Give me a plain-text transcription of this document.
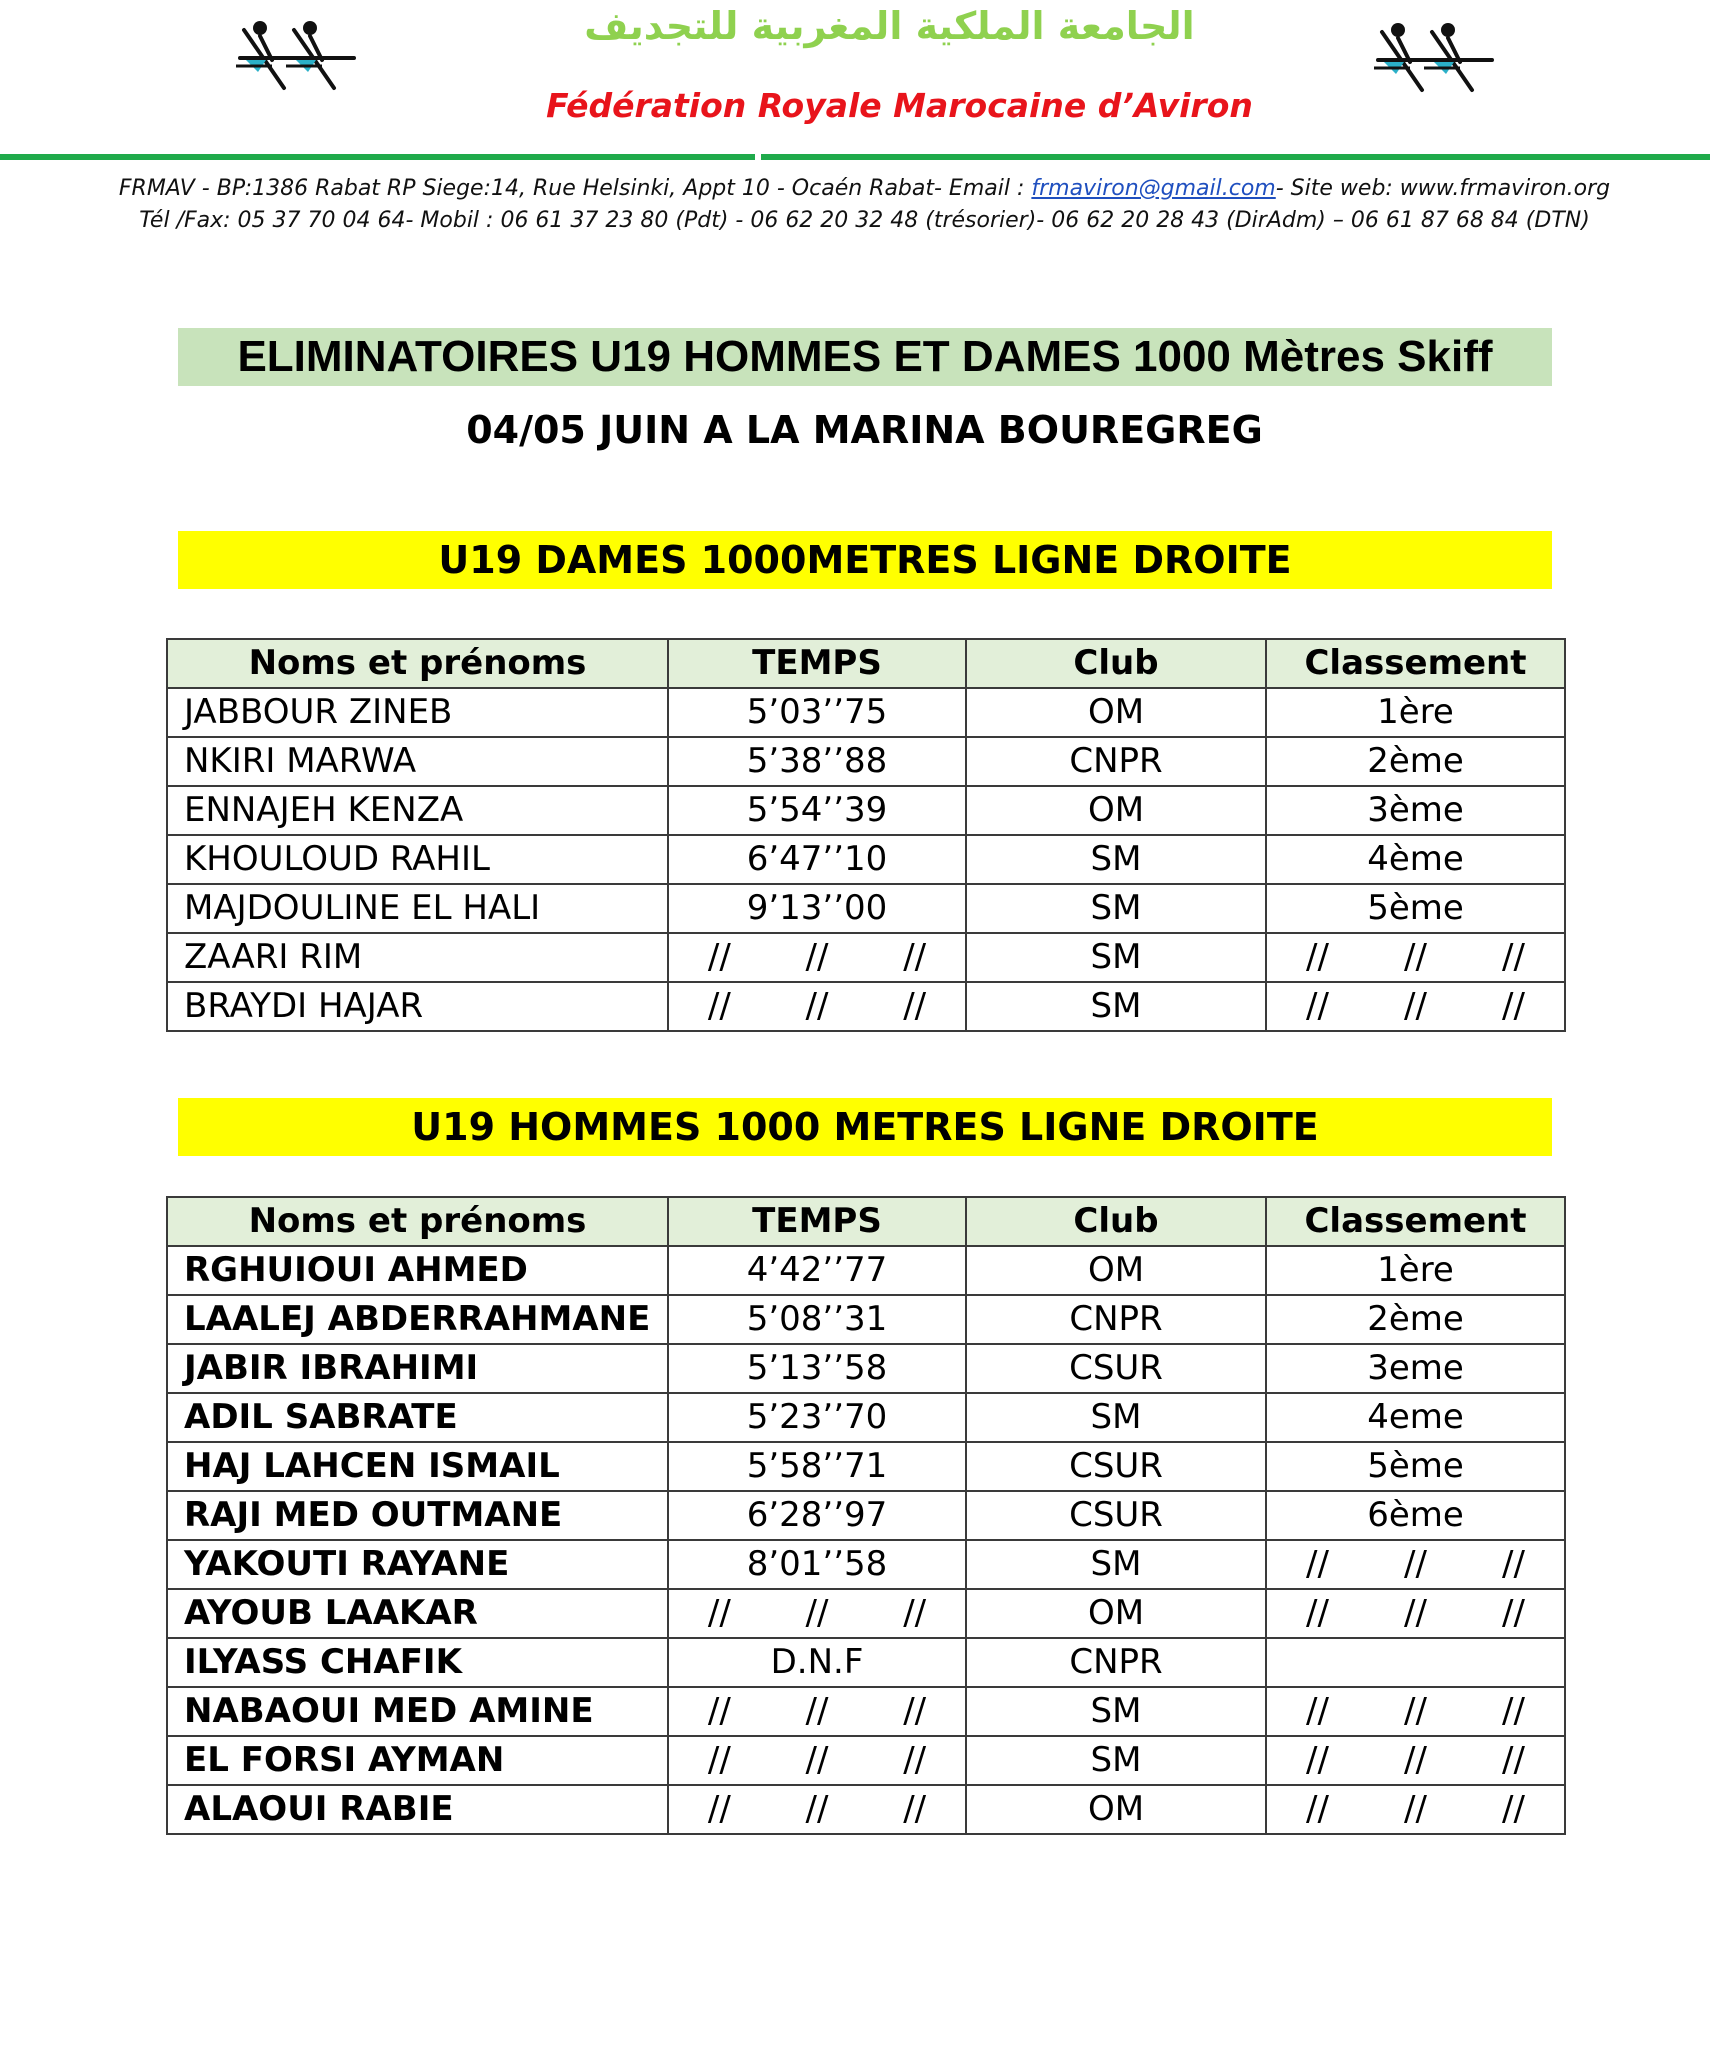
الجامعة الملكية المغربية للتجديف
Fédération Royale Marocaine d’Aviron
FRMAV - BP:1386 Rabat RP Siege:14, Rue Helsinki, Appt 10 - Ocaén Rabat- Email : frmaviron@gmail.com- Site web: www.frmaviron.org
Tél /Fax: 05 37 70 04 64- Mobil : 06 61 37 23 80 (Pdt) - 06 62 20 32 48 (trésorier)- 06 62 20 28 43 (DirAdm) – 06 61 87 68 84 (DTN)
ELIMINATOIRES U19 HOMMES ET DAMES 1000 Mètres Skiff
04/05 JUIN A LA MARINA BOUREGREG
U19 DAMES 1000METRES LIGNE DROITE
Noms et prénoms	TEMPS	Club	Classement
JABBOUR ZINEB	5’03’’75	OM	1ère
NKIRI MARWA	5’38’’88	CNPR	2ème
ENNAJEH KENZA	5’54’’39	OM	3ème
KHOULOUD RAHIL	6’47’’10	SM	4ème
MAJDOULINE EL HALI	9’13’’00	SM	5ème
ZAARI RIM	// // //	SM	// // //
BRAYDI HAJAR	// // //	SM	// // //
U19 HOMMES 1000 METRES LIGNE DROITE
Noms et prénoms	TEMPS	Club	Classement
RGHUIOUI AHMED	4’42’’77	OM	1ère
LAALEJ ABDERRAHMANE	5’08’’31	CNPR	2ème
JABIR IBRAHIMI	5’13’’58	CSUR	3eme
ADIL SABRATE	5’23’’70	SM	4eme
HAJ LAHCEN ISMAIL	5’58’’71	CSUR	5ème
RAJI MED OUTMANE	6’28’’97	CSUR	6ème
YAKOUTI RAYANE	8’01’’58	SM	// // //
AYOUB LAAKAR	// // //	OM	// // //
ILYASS CHAFIK	D.N.F	CNPR	
NABAOUI MED AMINE	// // //	SM	// // //
EL FORSI AYMAN	// // //	SM	// // //
ALAOUI RABIE	// // //	OM	// // //
